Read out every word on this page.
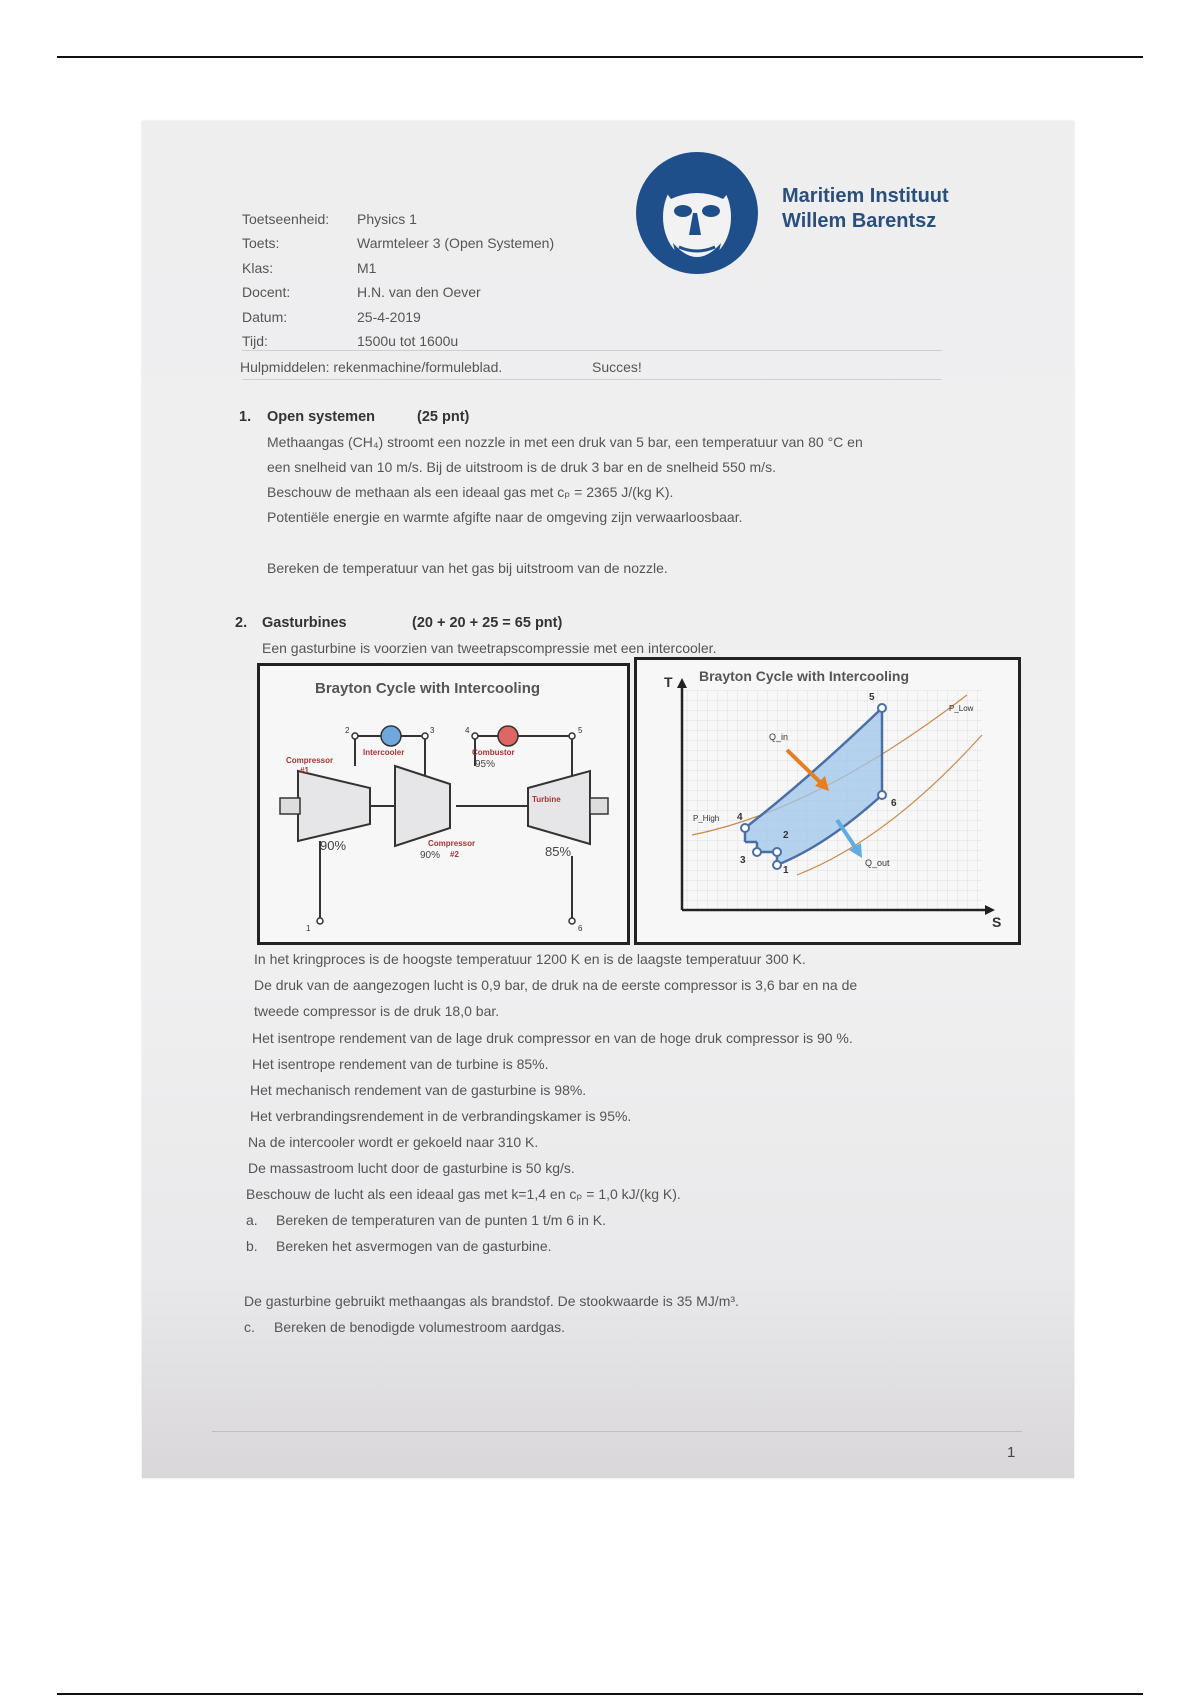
Toetseenheid: Physics 1
Toets:	Warmteleer 3 (Open Systemen)
Klas:	M1
Docent:	H.N. van den Oever
Datum:	25-4-2019
Tijd:	1500u tot 1600u
Hulpmiddelen: rekenmachine/formuleblad.	Succes!
Maritiem Instituut
Willem Barentsz
1. Open systemen	(25 pnt)
Methaangas (CH₄) stroomt een nozzle in met een druk van 5 bar, een temperatuur van 80 °C en
een snelheid van 10 m/s. Bij de uitstroom is de druk 3 bar en de snelheid 550 m/s.
Beschouw de methaan als een ideaal gas met cₚ = 2365 J/(kg K).
Potentiële energie en warmte afgifte naar de omgeving zijn verwaarloosbaar.
Bereken de temperatuur van het gas bij uitstroom van de nozzle.
2. Gasturbines	(20 + 20 + 25 = 65 pnt)
Een gasturbine is voorzien van tweetrapscompressie met een intercooler.
Brayton Cycle with Intercooling
1
2	3	4	5
6
Compressor
#1
Intercooler	Combustor
95%
Turbine
Compressor
90% #2
90%	85%
Brayton Cycle with Intercooling
T
S
1
2
3
4
5
6
P_Low
P_High
Q_in
Q_out
In het kringproces is de hoogste temperatuur 1200 K en is de laagste temperatuur 300 K.
De druk van de aangezogen lucht is 0,9 bar, de druk na de eerste compressor is 3,6 bar en na de
tweede compressor is de druk 18,0 bar.
Het isentrope rendement van de lage druk compressor en van de hoge druk compressor is 90 %.
Het isentrope rendement van de turbine is 85%.
Het mechanisch rendement van de gasturbine is 98%.
Het verbrandingsrendement in de verbrandingskamer is 95%.
Na de intercooler wordt er gekoeld naar 310 K.
De massastroom lucht door de gasturbine is 50 kg/s.
Beschouw de lucht als een ideaal gas met k=1,4 en cₚ = 1,0 kJ/(kg K).
a. Bereken de temperaturen van de punten 1 t/m 6 in K.
b. Bereken het asvermogen van de gasturbine.
De gasturbine gebruikt methaangas als brandstof. De stookwaarde is 35 MJ/m³.
c. Bereken de benodigde volumestroom aardgas.
1
